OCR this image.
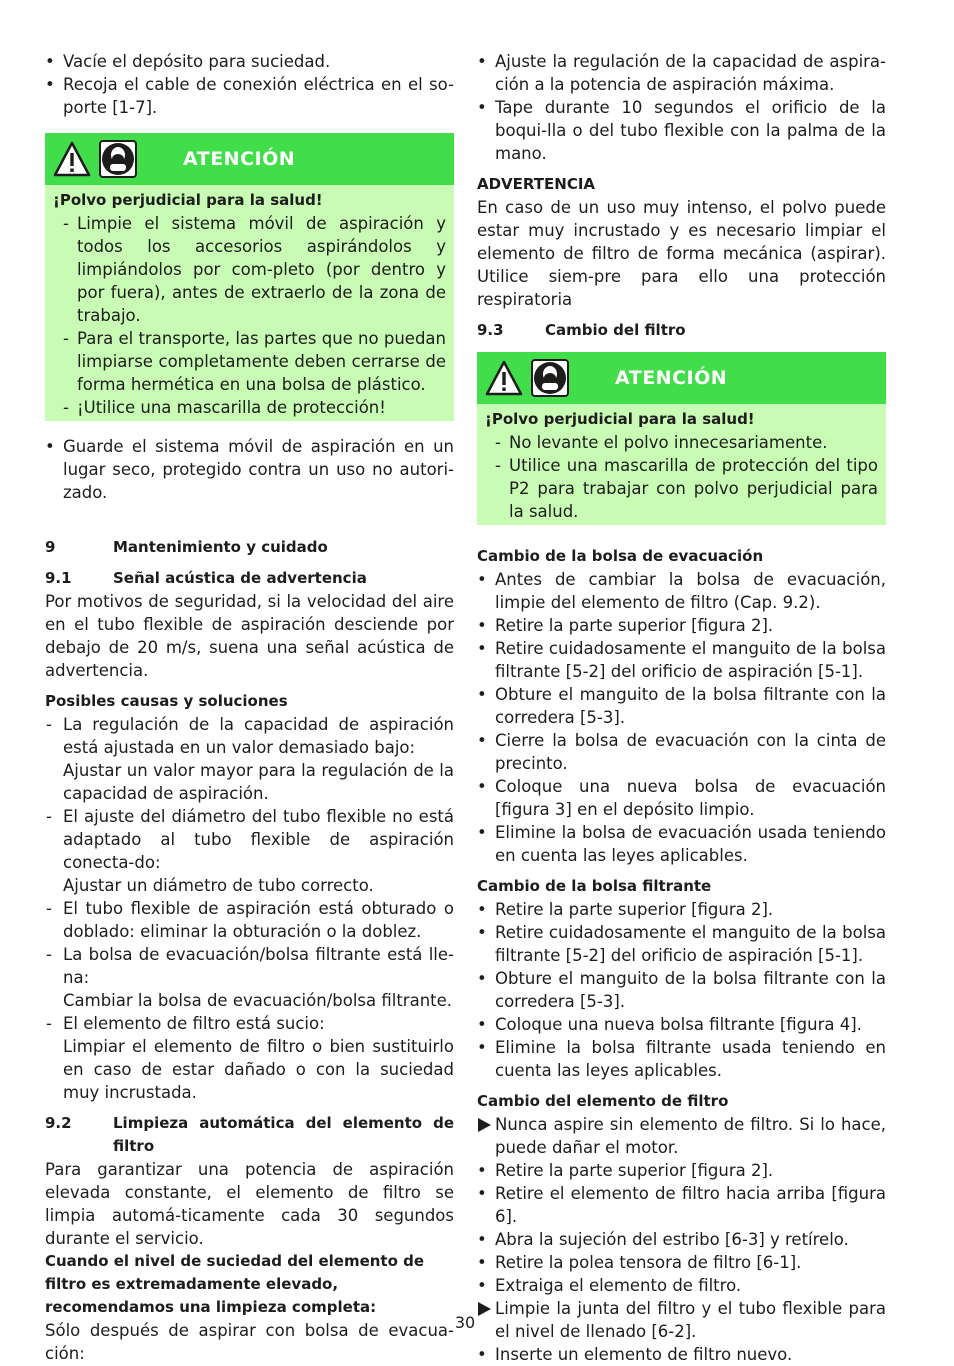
• Vacíe el depósito para suciedad.
• Recoja el cable de conexión eléctrica en el so-porte [1-7].
ATENCIÓN

¡Polvo perjudicial para la salud!

- Limpie el sistema móvil de aspiración y todos los accesorios aspirándolos y limpiándolos por com-pleto (por dentro y por fuera), antes de extraerlo de la zona de trabajo.
- Para el transporte, las partes que no puedan limpiarse completamente deben cerrarse de forma hermética en una bolsa de plástico.
- ¡Utilice una mascarilla de protección!
• Guarde el sistema móvil de aspiración en un lugar seco, protegido contra un uso no autori-zado.
9	Mantenimiento y cuidado
9.1	Señal acústica de advertencia

Por motivos de seguridad, si la velocidad del aire en el tubo flexible de aspiración desciende por debajo de 20 m/s, suena una señal acústica de advertencia.

Posibles causas y soluciones

- La regulación de la capacidad de aspiración está ajustada en un valor demasiado bajo:
Ajustar un valor mayor para la regulación de la capacidad de aspiración.
- El ajuste del diámetro del tubo flexible no está adaptado al tubo flexible de aspiración conecta-do:
Ajustar un diámetro de tubo correcto.
- El tubo flexible de aspiración está obturado o doblado: eliminar la obturación o la doblez.
- La bolsa de evacuación/bolsa filtrante está lle-na:
Cambiar la bolsa de evacuación/bolsa filtrante.
- El elemento de filtro está sucio:
Limpiar el elemento de filtro o bien sustituirlo en caso de estar dañado o con la suciedad muy incrustada.
9.2	Limpieza automática del elemento de filtro

Para garantizar una potencia de aspiración elevada constante, el elemento de filtro se limpia automá-ticamente cada 30 segundos durante el servicio.

Cuando el nivel de suciedad del elemento de filtro es extremadamente elevado, recomendamos una limpieza completa:

Sólo después de aspirar con bolsa de evacua-ción:

• Ajuste la regulación de la capacidad de aspira-ción a la potencia de aspiración máxima.
• Tape durante 10 segundos el orificio de la boqui-lla o del tubo flexible con la palma de la mano.

ADVERTENCIA

En caso de un uso muy intenso, el polvo puede estar muy incrustado y es necesario limpiar el elemento de filtro de forma mecánica (aspirar). Utilice siem-pre para ello una protección respiratoria

9.3	Cambio del filtro
ATENCIÓN

¡Polvo perjudicial para la salud!

- No levante el polvo innecesariamente.
- Utilice una mascarilla de protección del tipo P2 para trabajar con polvo perjudicial para la salud.

Cambio de la bolsa de evacuación

• Antes de cambiar la bolsa de evacuación, limpie del elemento de filtro (Cap. 9.2).
• Retire la parte superior [figura 2].
• Retire cuidadosamente el manguito de la bolsa filtrante [5-2] del orificio de aspiración [5-1].
• Obture el manguito de la bolsa filtrante con la corredera [5-3].
• Cierre la bolsa de evacuación con la cinta de precinto.
• Coloque una nueva bolsa de evacuación [figura 3] en el depósito limpio.
• Elimine la bolsa de evacuación usada teniendo en cuenta las leyes aplicables.

Cambio de la bolsa filtrante

• Retire la parte superior [figura 2].
• Retire cuidadosamente el manguito de la bolsa filtrante [5-2] del orificio de aspiración [5-1].
• Obture el manguito de la bolsa filtrante con la corredera [5-3].
• Coloque una nueva bolsa filtrante [figura 4].
• Elimine la bolsa filtrante usada teniendo en cuenta las leyes aplicables.

Cambio del elemento de filtro

Nunca aspire sin elemento de filtro. Si lo hace, puede dañar el motor.
• Retire la parte superior [figura 2].
• Retire el elemento de filtro hacia arriba [figura 6].
• Abra la sujeción del estribo [6-3] y retírelo.
• Retire la polea tensora de filtro [6-1].
• Extraiga el elemento de filtro.
Limpie la junta del filtro y el tubo flexible para el nivel de llenado [6-2].
• Inserte un elemento de filtro nuevo.
30
